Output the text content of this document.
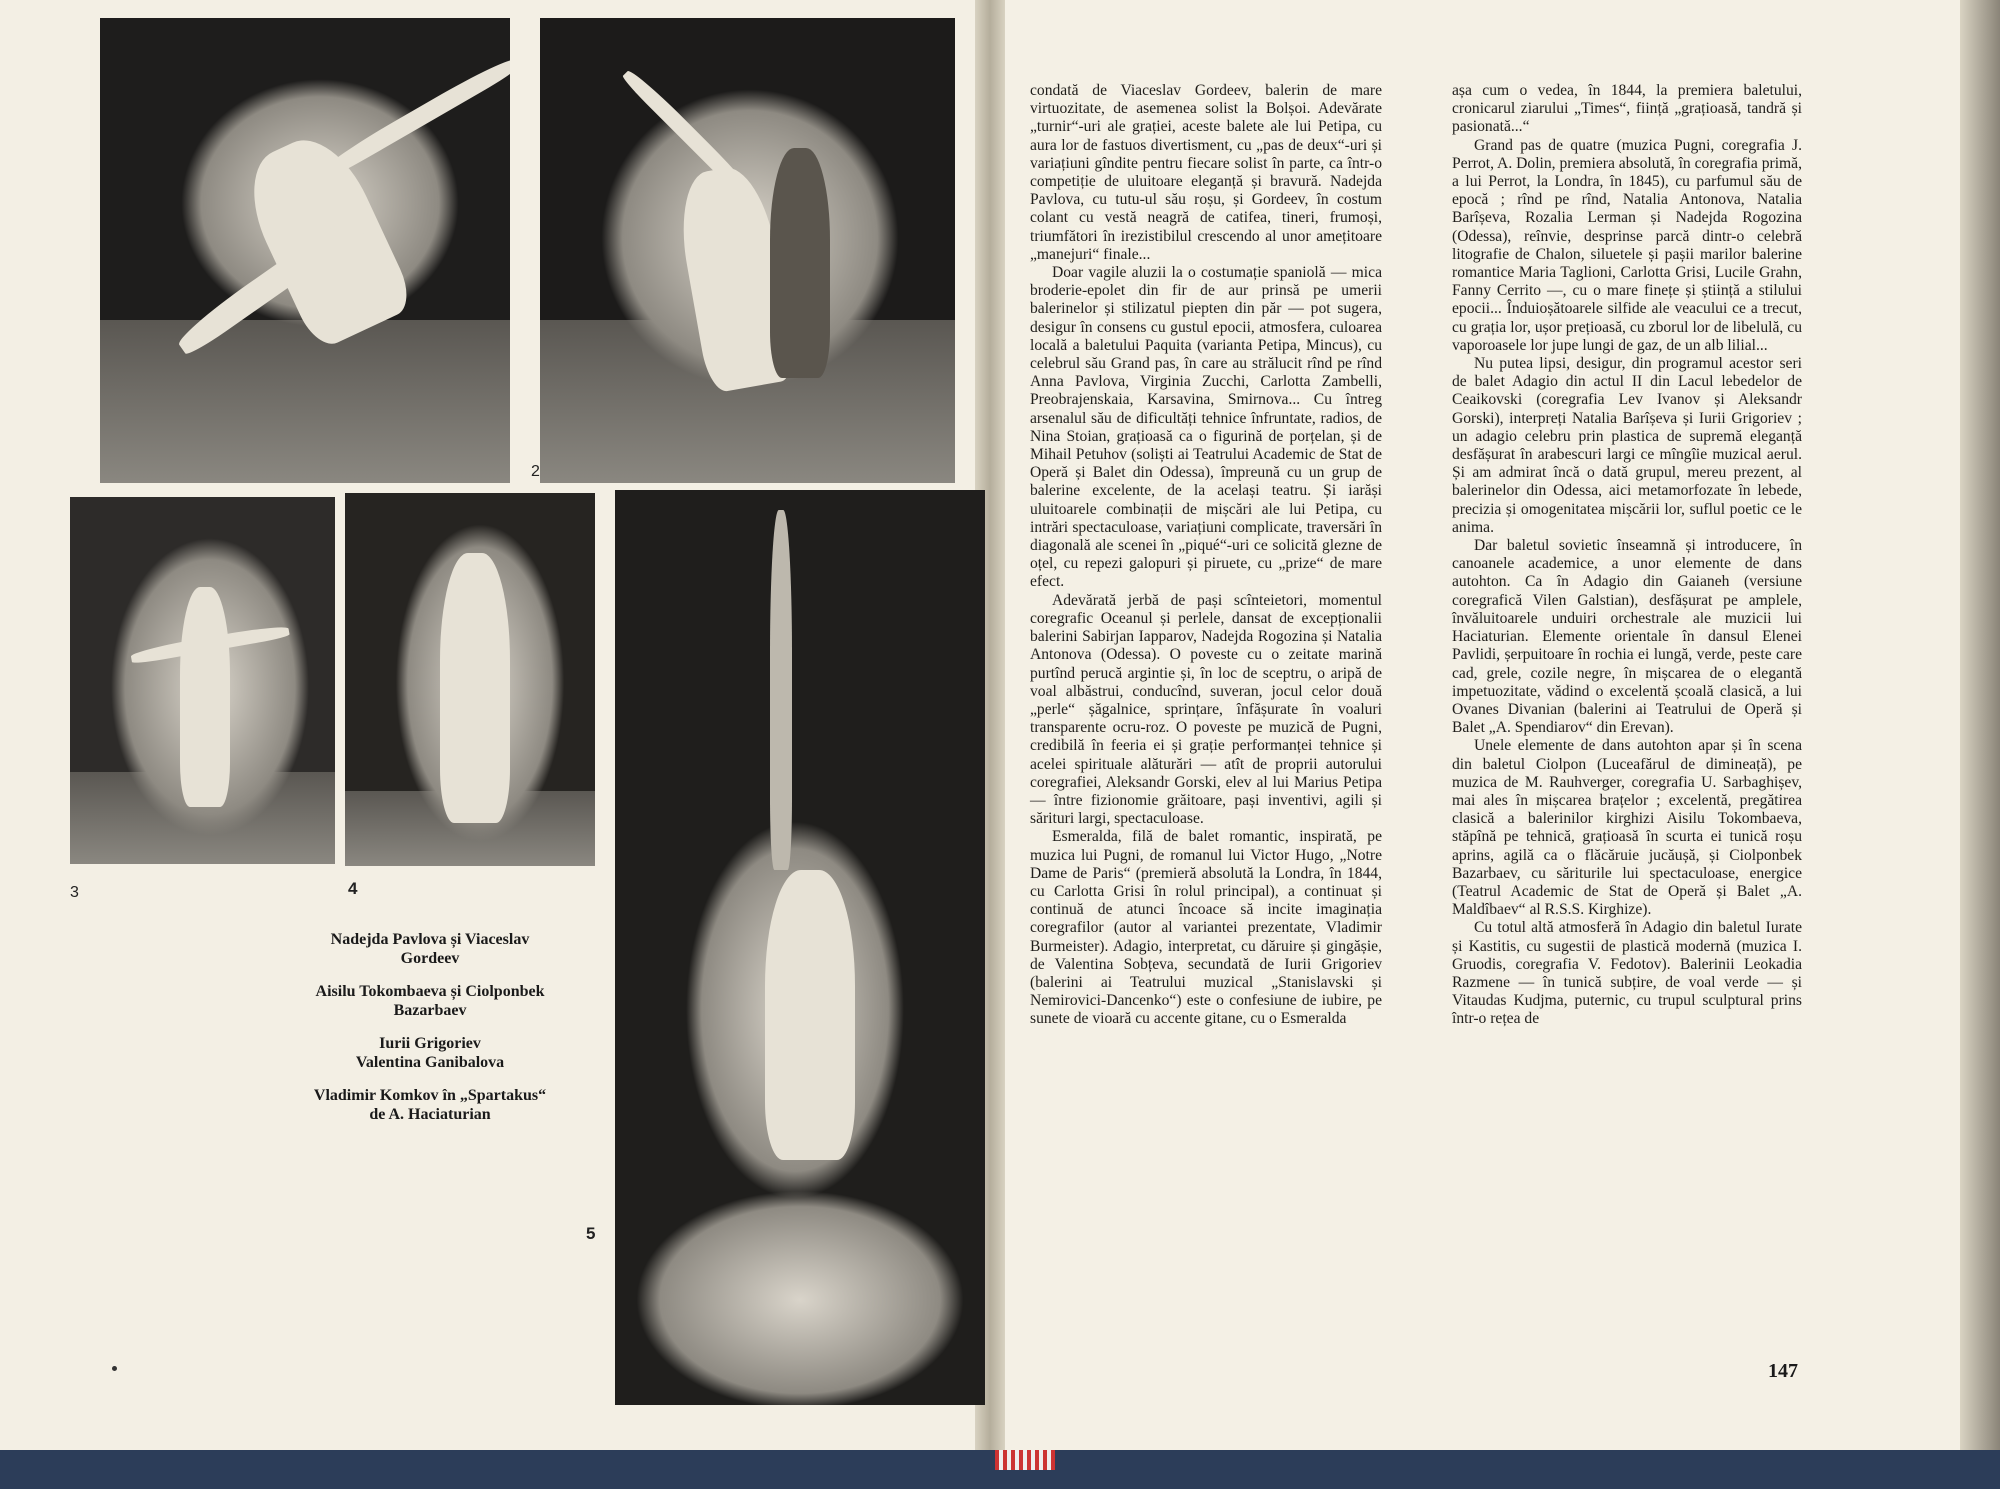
2
3	4
5

Nadejda Pavlova și Viaceslav
Gordeev

Aisilu Tokombaeva și Ciolponbek
Bazarbaev

Iurii Grigoriev
Valentina Ganibalova

Vladimir Komkov în „Spartakus“
de A. Haciaturian

condată de Viaceslav Gordeev, balerin de mare virtuozitate, de asemenea solist la Bolșoi. Adevărate „turnir“-uri ale grației, aceste balete ale lui Petipa, cu aura lor de fastuos divertisment, cu „pas de deux“-uri și variațiuni gîndite pentru fiecare solist în parte, ca într-o competiție de uluitoare eleganță și bravură. Nadejda Pavlova, cu tutu-ul său roșu, și Gordeev, în costum colant cu vestă neagră de catifea, tineri, frumoși, triumfători în irezistibilul crescendo al unor amețitoare „manejuri“ finale...

Doar vagile aluzii la o costumație spaniolă — mica broderie-epolet din fir de aur prinsă pe umerii balerinelor și stilizatul piepten din păr — pot sugera, desigur în consens cu gustul epocii, atmosfera, culoarea locală a baletului Paquita (varianta Petipa, Mincus), cu celebrul său Grand pas, în care au strălucit rînd pe rînd Anna Pavlova, Virginia Zucchi, Carlotta Zambelli, Preobrajenskaia, Karsavina, Smirnova... Cu întreg arsenalul său de dificultăți tehnice înfruntate, radios, de Nina Stoian, grațioasă ca o figurină de porțelan, și de Mihail Petuhov (soliști ai Teatrului Academic de Stat de Operă și Balet din Odessa), împreună cu un grup de balerine excelente, de la același teatru. Și iarăși uluitoarele combinații de mișcări ale lui Petipa, cu intrări spectaculoase, variațiuni complicate, traversări în diagonală ale scenei în „piqué“-uri ce solicită glezne de oțel, cu repezi galopuri și piruete, cu „prize“ de mare efect.

Adevărată jerbă de pași scînteietori, momentul coregrafic Oceanul și perlele, dansat de excepționalii balerini Sabirjan Iapparov, Nadejda Rogozina și Natalia Antonova (Odessa). O poveste cu o zeitate marină purtînd perucă argintie și, în loc de sceptru, o aripă de voal albăstrui, conducînd, suveran, jocul celor două „perle“ șăgalnice, sprințare, înfășurate în voaluri transparente ocru-roz. O poveste pe muzică de Pugni, credibilă în feeria ei și grație performanței tehnice și acelei spirituale alăturări — atît de proprii autorului coregrafiei, Aleksandr Gorski, elev al lui Marius Petipa — între fizionomie grăitoare, pași inventivi, agili și sărituri largi, spectaculoase.

Esmeralda, filă de balet romantic, inspirată, pe muzica lui Pugni, de romanul lui Victor Hugo, „Notre Dame de Paris“ (premieră absolută la Londra, în 1844, cu Carlotta Grisi în rolul principal), a continuat și continuă de atunci încoace să incite imaginația coregrafilor (autor al variantei prezentate, Vladimir Burmeister). Adagio, interpretat, cu dăruire și gingășie, de Valentina Sobțeva, secundată de Iurii Grigoriev (balerini ai Teatrului muzical „Stanislavski și Nemirovici-Dancenko“) este o confesiune de iubire, pe sunete de vioară cu accente gitane, cu o Esmeralda

așa cum o vedea, în 1844, la premiera baletului, cronicarul ziarului „Times“, ființă „grațioasă, tandră și pasionată...“

Grand pas de quatre (muzica Pugni, coregrafia J. Perrot, A. Dolin, premiera absolută, în coregrafia primă, a lui Perrot, la Londra, în 1845), cu parfumul său de epocă ; rînd pe rînd, Natalia Antonova, Natalia Barîșeva, Rozalia Lerman și Nadejda Rogozina (Odessa), reînvie, desprinse parcă dintr-o celebră litografie de Chalon, siluetele și pașii marilor balerine romantice Maria Taglioni, Carlotta Grisi, Lucile Grahn, Fanny Cerrito —, cu o mare finețe și știință a stilului epocii... Înduioșătoarele silfide ale veacului ce a trecut, cu grația lor, ușor prețioasă, cu zborul lor de libelulă, cu vaporoasele lor jupe lungi de gaz, de un alb lilial...

Nu putea lipsi, desigur, din programul acestor seri de balet Adagio din actul II din Lacul lebedelor de Ceaikovski (coregrafia Lev Ivanov și Aleksandr Gorski), interpreți Natalia Barîșeva și Iurii Grigoriev ; un adagio celebru prin plastica de supremă eleganță desfășurat în arabescuri largi ce mîngîie muzical aerul. Și am admirat încă o dată grupul, mereu prezent, al balerinelor din Odessa, aici metamorfozate în lebede, precizia și omogenitatea mișcării lor, suflul poetic ce le anima.

Dar baletul sovietic înseamnă și introducere, în canoanele academice, a unor elemente de dans autohton. Ca în Adagio din Gaianeh (versiune coregrafică Vilen Galstian), desfășurat pe amplele, învăluitoarele unduiri orchestrale ale muzicii lui Haciaturian. Elemente orientale în dansul Elenei Pavlidi, șerpuitoare în rochia ei lungă, verde, peste care cad, grele, cozile negre, în mișcarea de o elegantă impetuozitate, vădind o excelentă școală clasică, a lui Ovanes Divanian (balerini ai Teatrului de Operă și Balet „A. Spendiarov“ din Erevan).

Unele elemente de dans autohton apar și în scena din baletul Ciolpon (Luceafărul de dimineață), pe muzica de M. Rauhverger, coregrafia U. Sarbaghișev, mai ales în mișcarea brațelor ; excelentă, pregătirea clasică a balerinilor kirghizi Aisilu Tokombaeva, stăpînă pe tehnică, grațioasă în scurta ei tunică roșu aprins, agilă ca o flăcăruie jucăușă, și Ciolponbek Bazarbaev, cu săriturile lui spectaculoase, energice (Teatrul Academic de Stat de Operă și Balet „A. Maldîbaev“ al R.S.S. Kirghize).

Cu totul altă atmosferă în Adagio din baletul Iurate și Kastitis, cu sugestii de plastică modernă (muzica I. Gruodis, coregrafia V. Fedotov). Balerinii Leokadia Razmene — în tunică subțire, de voal verde — și Vitaudas Kudjma, puternic, cu trupul sculptural prins într-o rețea de

147
